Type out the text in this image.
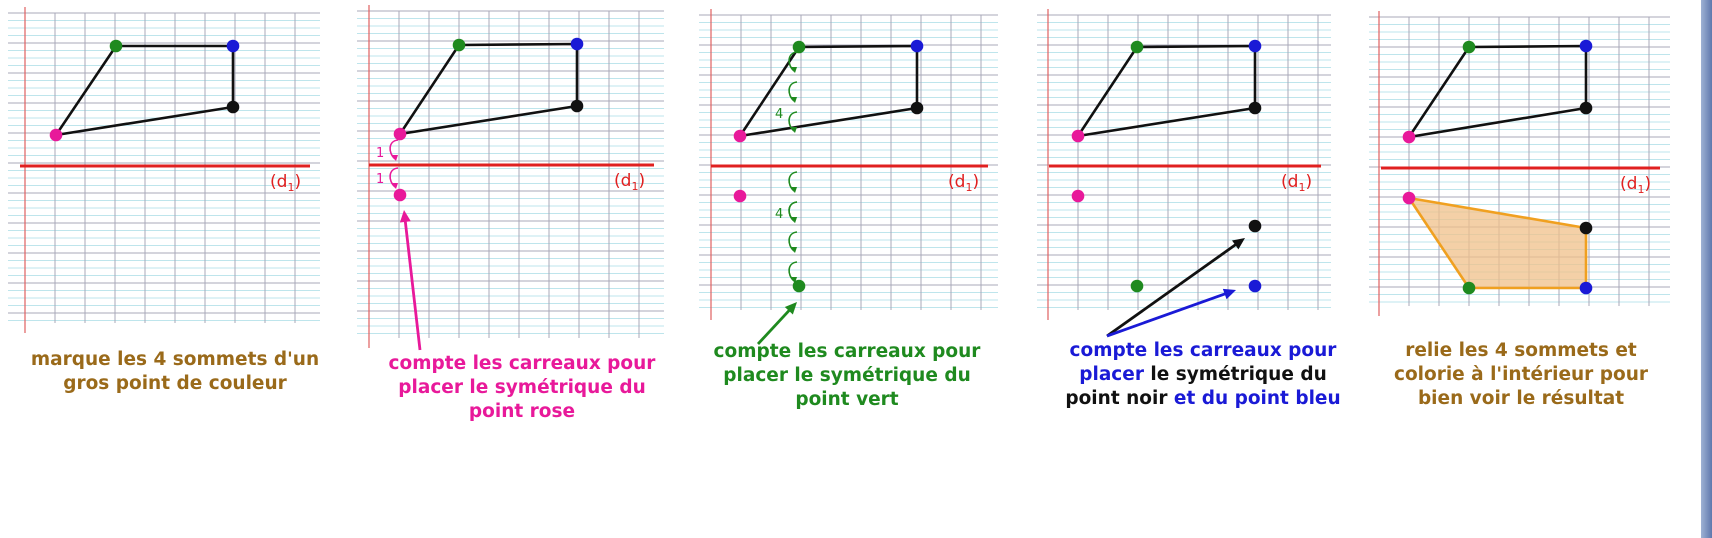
$(d_1)$	$(d_1)$
1
1	$(d_1)$
4
4
$(d_1)$	$(d_1)$

marque les 4 sommets d'un
gros point de couleur

compte les carreaux pour
placer le symétrique du
point rose

compte les carreaux pour
placer le symétrique du
point vert

compte les carreaux pour
placer le symétrique du
point noir et du point bleu

relie les 4 sommets et
colorie à l'intérieur pour
bien voir le résultat
